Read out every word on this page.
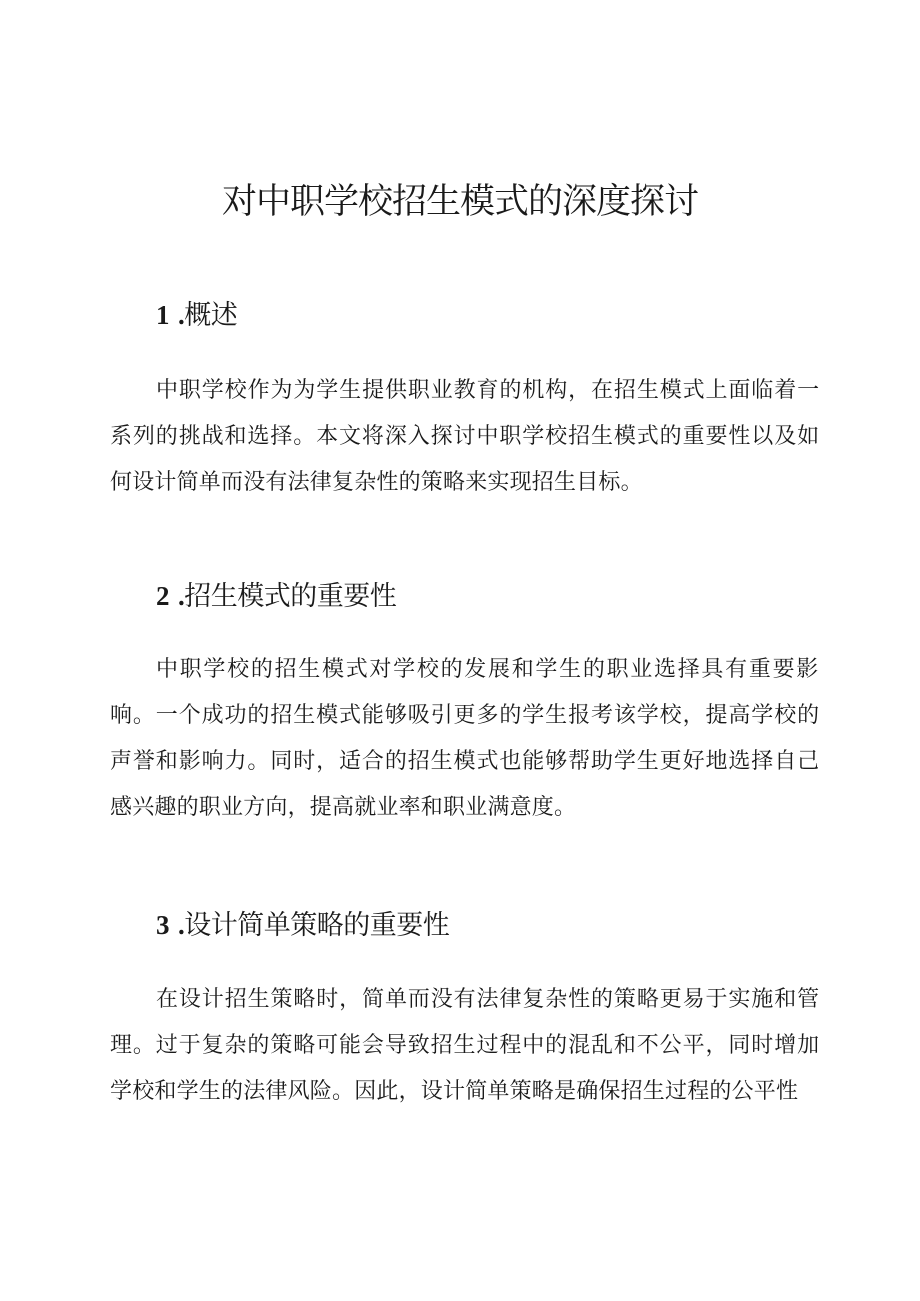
对中职学校招生模式的深度探讨
1 .概述
中职学校作为为学生提供职业教育的机构，在招生模式上面临着一
系列的挑战和选择。本文将深入探讨中职学校招生模式的重要性以及如
何设计简单而没有法律复杂性的策略来实现招生目标。
2 .招生模式的重要性
中职学校的招生模式对学校的发展和学生的职业选择具有重要影
响。一个成功的招生模式能够吸引更多的学生报考该学校，提高学校的
声誉和影响力。同时，适合的招生模式也能够帮助学生更好地选择自己
感兴趣的职业方向，提高就业率和职业满意度。
3 .设计简单策略的重要性
在设计招生策略时，简单而没有法律复杂性的策略更易于实施和管
理。过于复杂的策略可能会导致招生过程中的混乱和不公平，同时增加
学校和学生的法律风险。因此，设计简单策略是确保招生过程的公平性
